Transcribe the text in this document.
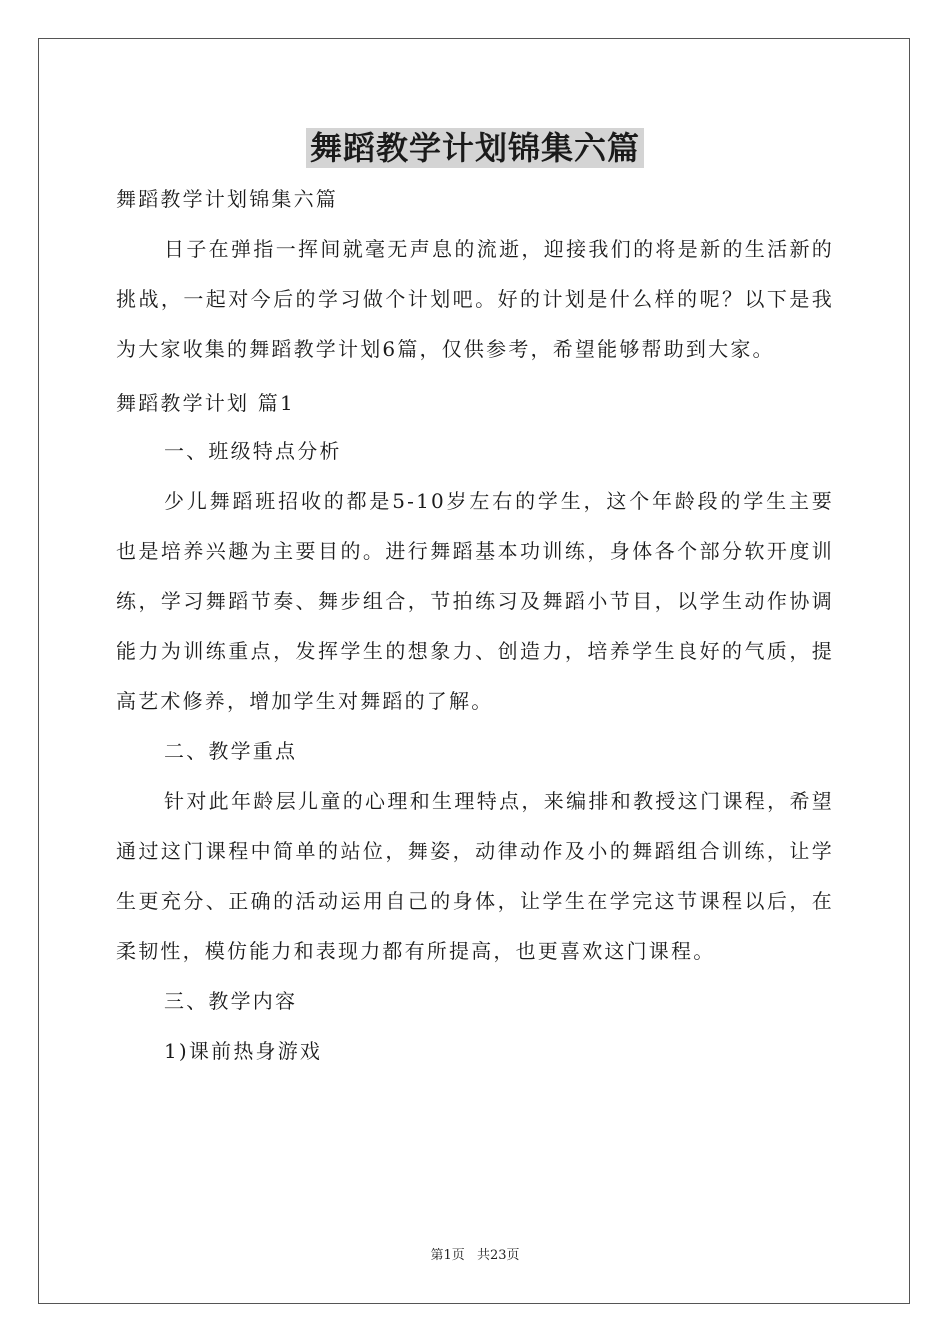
舞蹈教学计划锦集六篇
舞蹈教学计划锦集六篇

日子在弹指一挥间就毫无声息的流逝，迎接我们的将是新的生活新的挑战，一起对今后的学习做个计划吧。好的计划是什么样的呢？以下是我为大家收集的舞蹈教学计划6篇，仅供参考，希望能够帮助到大家。

舞蹈教学计划 篇1
一、班级特点分析

少儿舞蹈班招收的都是5-10岁左右的学生，这个年龄段的学生主要也是培养兴趣为主要目的。进行舞蹈基本功训练，身体各个部分软开度训练，学习舞蹈节奏、舞步组合，节拍练习及舞蹈小节目，以学生动作协调能力为训练重点，发挥学生的想象力、创造力，培养学生良好的气质，提高艺术修养，增加学生对舞蹈的了解。

二、教学重点

针对此年龄层儿童的心理和生理特点，来编排和教授这门课程，希望通过这门课程中简单的站位，舞姿，动律动作及小的舞蹈组合训练，让学生更充分、正确的活动运用自己的身体，让学生在学完这节课程以后，在柔韧性，模仿能力和表现力都有所提高，也更喜欢这门课程。

三、教学内容
1)课前热身游戏
第1页 共23页
